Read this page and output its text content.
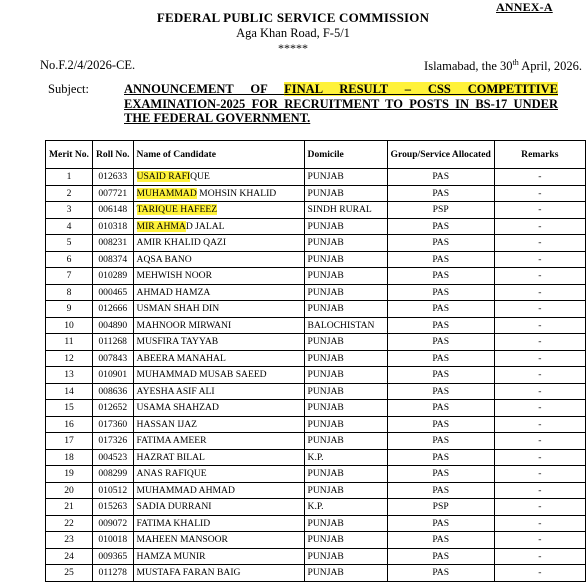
ANNEX-A
FEDERAL PUBLIC SERVICE COMMISSION
Aga Khan Road, F-5/1
*****
No.F.2/4/2026-CE.	Islamabad, the 30th April, 2026.
Subject:	ANNOUNCEMENT OF FINAL RESULT – CSS COMPETITIVE EXAMINATION-2025 FOR RECRUITMENT TO POSTS IN BS-17 UNDER
THE FEDERAL GOVERNMENT.
Merit No.	Roll No.	Name of Candidate	Domicile	Group/Service Allocated	Remarks
1	012633	USAID RAFIQUE	PUNJAB	PAS	-
2	007721	MUHAMMAD MOHSIN KHALID	PUNJAB	PAS	-
3	006148	TARIQUE HAFEEZ	SINDH RURAL	PSP	-
4	010318	MIR AHMAD JALAL	PUNJAB	PAS	-
5	008231	AMIR KHALID QAZI	PUNJAB	PAS	-
6	008374	AQSA BANO	PUNJAB	PAS	-
7	010289	MEHWISH NOOR	PUNJAB	PAS	-
8	000465	AHMAD HAMZA	PUNJAB	PAS	-
9	012666	USMAN SHAH DIN	PUNJAB	PAS	-
10	004890	MAHNOOR MIRWANI	BALOCHISTAN	PAS	-
11	011268	MUSFIRA TAYYAB	PUNJAB	PAS	-
12	007843	ABEERA MANAHAL	PUNJAB	PAS	-
13	010901	MUHAMMAD MUSAB SAEED	PUNJAB	PAS	-
14	008636	AYESHA ASIF ALI	PUNJAB	PAS	-
15	012652	USAMA SHAHZAD	PUNJAB	PAS	-
16	017360	HASSAN IJAZ	PUNJAB	PAS	-
17	017326	FATIMA AMEER	PUNJAB	PAS	-
18	004523	HAZRAT BILAL	K.P.	PAS	-
19	008299	ANAS RAFIQUE	PUNJAB	PAS	-
20	010512	MUHAMMAD AHMAD	PUNJAB	PAS	-
21	015263	SADIA DURRANI	K.P.	PSP	-
22	009072	FATIMA KHALID	PUNJAB	PAS	-
23	010018	MAHEEN MANSOOR	PUNJAB	PAS	-
24	009365	HAMZA MUNIR	PUNJAB	PAS	-
25	011278	MUSTAFA FARAN BAIG	PUNJAB	PAS	-
